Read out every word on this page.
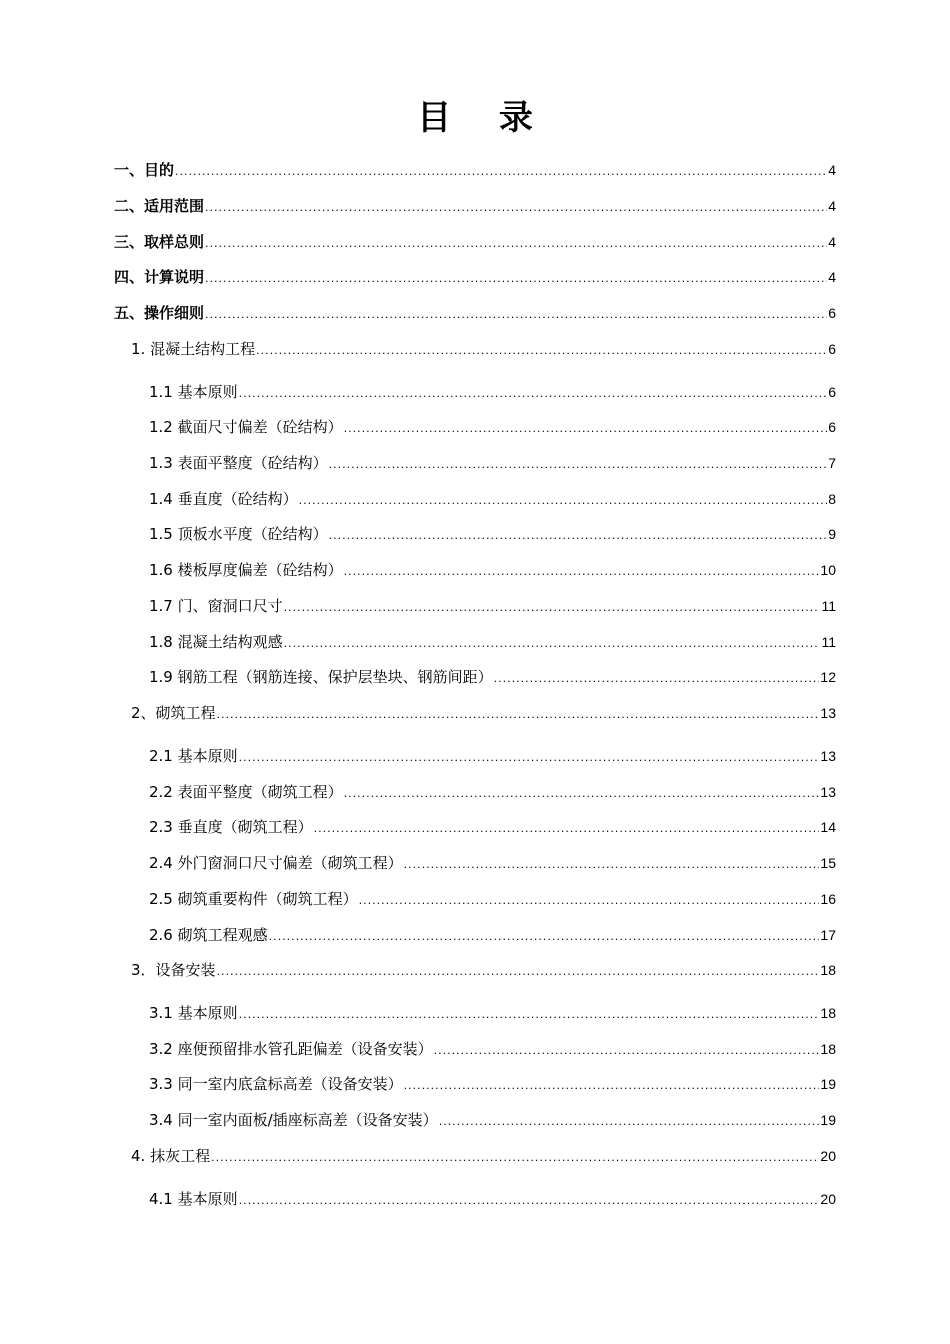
目 录
一、目的 .....	4
二、适用范围 .....	4
三、取样总则 .....	4
四、计算说明 .....	4
五、操作细则 .....	6
1. 混凝土结构工程 .....	6
1.1 基本原则 .....	6
1.2 截面尺寸偏差（砼结构） .....	6
1.3 表面平整度（砼结构） .....	7
1.4 垂直度（砼结构） .....	8
1.5 顶板水平度（砼结构） .....	9
1.6 楼板厚度偏差（砼结构） .....	10
1.7 门、窗洞口尺寸 .....	11
1.8 混凝土结构观感 .....	11
1.9 钢筋工程（钢筋连接、保护层垫块、钢筋间距） .....	12
2、砌筑工程 .....	13
2.1 基本原则 .....	13
2.2 表面平整度（砌筑工程） .....	13
2.3 垂直度（砌筑工程） .....	14
2.4 外门窗洞口尺寸偏差（砌筑工程） .....	15
2.5 砌筑重要构件（砌筑工程） .....	16
2.6 砌筑工程观感 .....	17
3．设备安装 .....	18
3.1 基本原则 .....	18
3.2 座便预留排水管孔距偏差（设备安装） .....	18
3.3 同一室内底盒标高差（设备安装） .....	19
3.4 同一室内面板/插座标高差（设备安装） .....	19
4. 抹灰工程 .....	20
4.1 基本原则 .....	20
